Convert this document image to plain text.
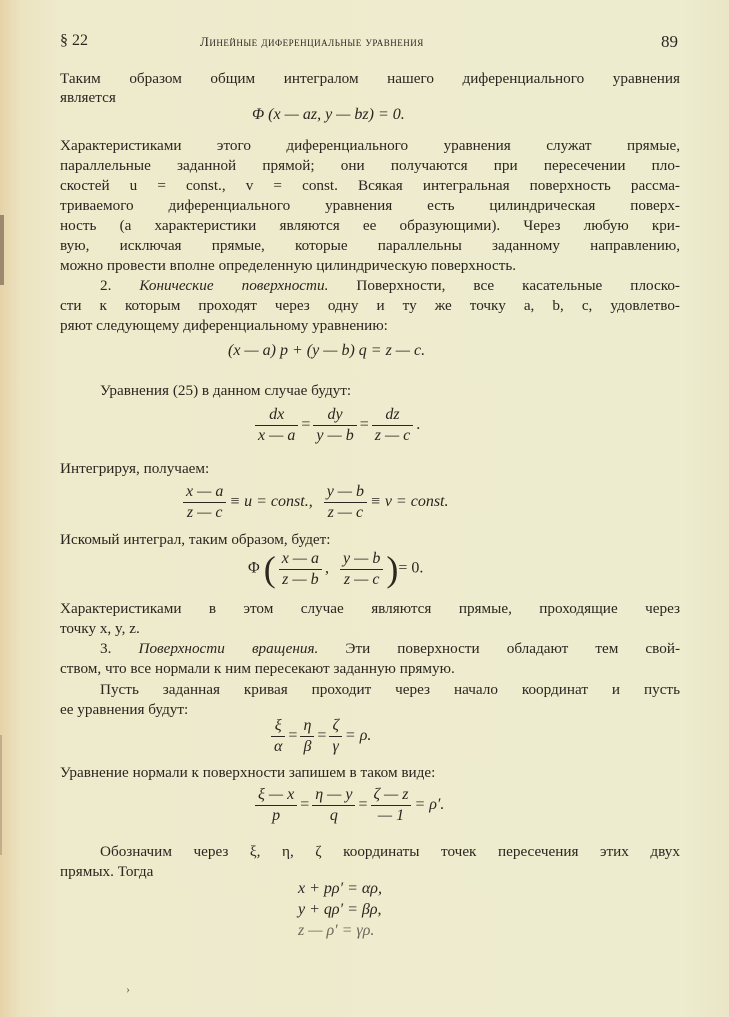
§ 22	Линейные диференциальные уравнения	89
Таким образом общим интегралом нашего диференциального уравнения
является
Φ (x — az, y — bz) = 0.
Характеристиками этого диференциального уравнения служат прямые,
параллельные заданной прямой; они получаются при пересечении пло-
скостей u = const., v = const. Всякая интегральная поверхность рассма-
триваемого диференциального уравнения есть цилиндрическая поверх-
ность (а характеристики являются ее образующими). Через любую кри-
вую, исключая прямые, которые параллельны заданному направлению,
можно провести вполне определенную цилиндрическую поверхность.
2. Конические поверхности. Поверхности, все касательные плоско-
сти к которым проходят через одну и ту же точку a, b, c, удовлетво-
ряют следующему диференциальному уравнению:
(x — a) p + (y — b) q = z — c.
Уравнения (25) в данном случае будут:
$\frac{dx}{x — a} = \frac{dy}{y — b} = \frac{dz}{z — c}$ .
Интегрируя, получаем:
$\frac{x — a}{z — c} \equiv u$ = const., $\frac{y — b}{z — c} \equiv v$ = const.
Искомый интеграл, таким образом, будет:
Φ ( $\frac{x — a}{z — b}$ , $\frac{y — b}{z — c}$ )= 0.
Характеристиками в этом случае являются прямые, проходящие через
точку x, y, z.
3. Поверхности вращения. Эти поверхности обладают тем свой-
ством, что все нормали к ним пересекают заданную прямую.
Пусть заданная кривая проходит через начало координат и пусть
ее уравнения будут:
$\frac{\xi}{\alpha} = \frac{\eta}{\beta} = \frac{\zeta}{\gamma} = \rho$.
Уравнение нормали к поверхности запишем в таком виде:
$\frac{\xi — x}{p} = \frac{\eta — y}{q} = \frac{\zeta — z}{— 1} = \rho'$.
Обозначим через ξ, η, ζ координаты точек пересечения этих двух
прямых. Тогда
x + pρ′ = αρ,
y + qρ′ = βρ,
z — ρ′ = γρ.
›
